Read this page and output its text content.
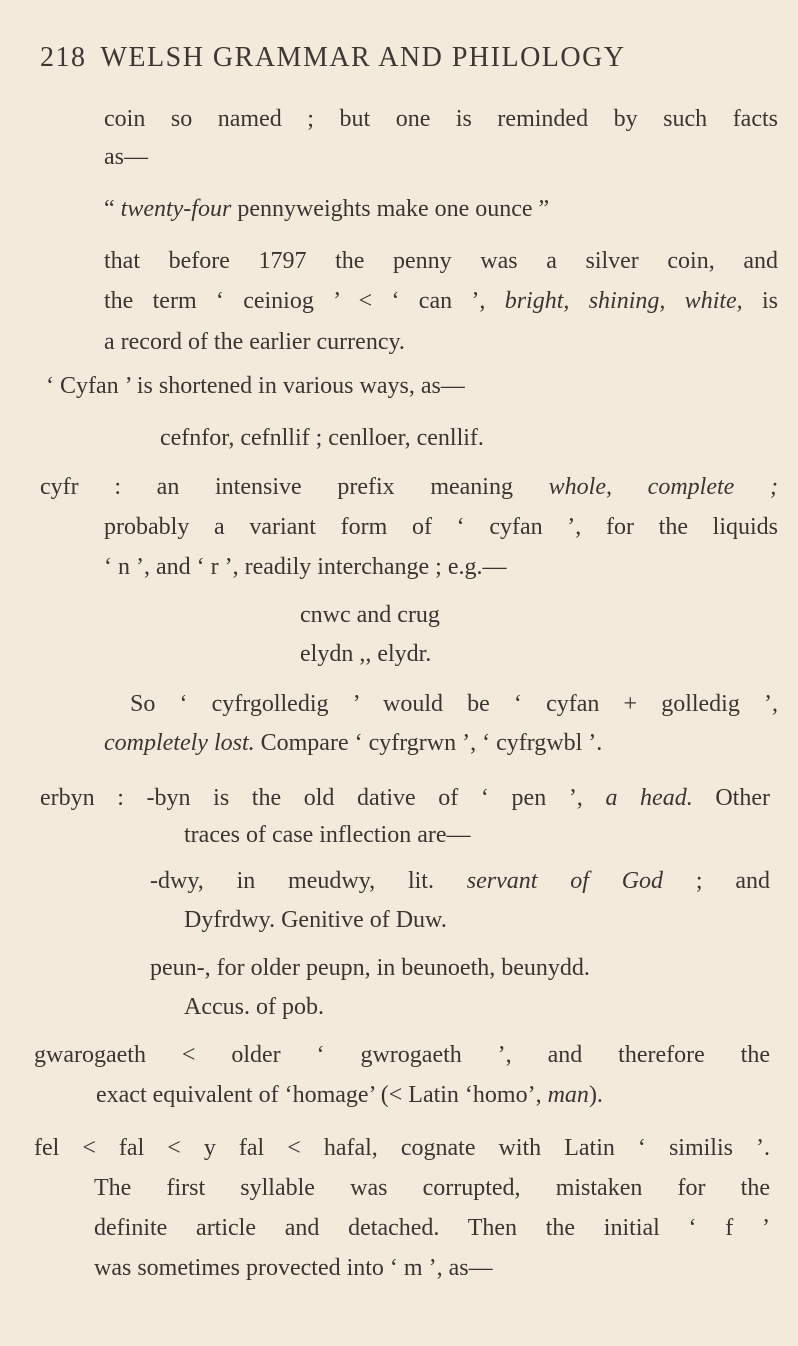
218 WELSH GRAMMAR AND PHILOLOGY
coin so named ; but one is reminded by such facts
as—
“ twenty-four pennyweights make one ounce ”
that before 1797 the penny was a silver coin, and
the term ‘ ceiniog ’ < ‘ can ’, bright, shining, white, is
a record of the earlier currency.
‘ Cyfan ’ is shortened in various ways, as—
cefnfor, cefnllif ; cenlloer, cenllif.
cyfr : an intensive prefix meaning whole, complete ;
probably a variant form of ‘ cyfan ’, for the liquids
‘ n ’, and ‘ r ’, readily interchange ; e.g.—
cnwc and crug
elydn ,, elydr.
So ‘ cyfrgolledig ’ would be ‘ cyfan + golledig ’,
completely lost. Compare ‘ cyfrgrwn ’, ‘ cyfrgwbl ’.
erbyn : -byn is the old dative of ‘ pen ’, a head. Other
traces of case inflection are—
-dwy, in meudwy, lit. servant of God ; and
Dyfrdwy. Genitive of Duw.
peun-, for older peupn, in beunoeth, beunydd.
Accus. of pob.
gwarogaeth < older ‘ gwrogaeth ’, and therefore the
exact equivalent of ‘homage’ (< Latin ‘homo’, man).
fel < fal < y fal < hafal, cognate with Latin ‘ similis ’.
The first syllable was corrupted, mistaken for the
definite article and detached. Then the initial ‘ f ’
was sometimes provected into ‘ m ’, as—
